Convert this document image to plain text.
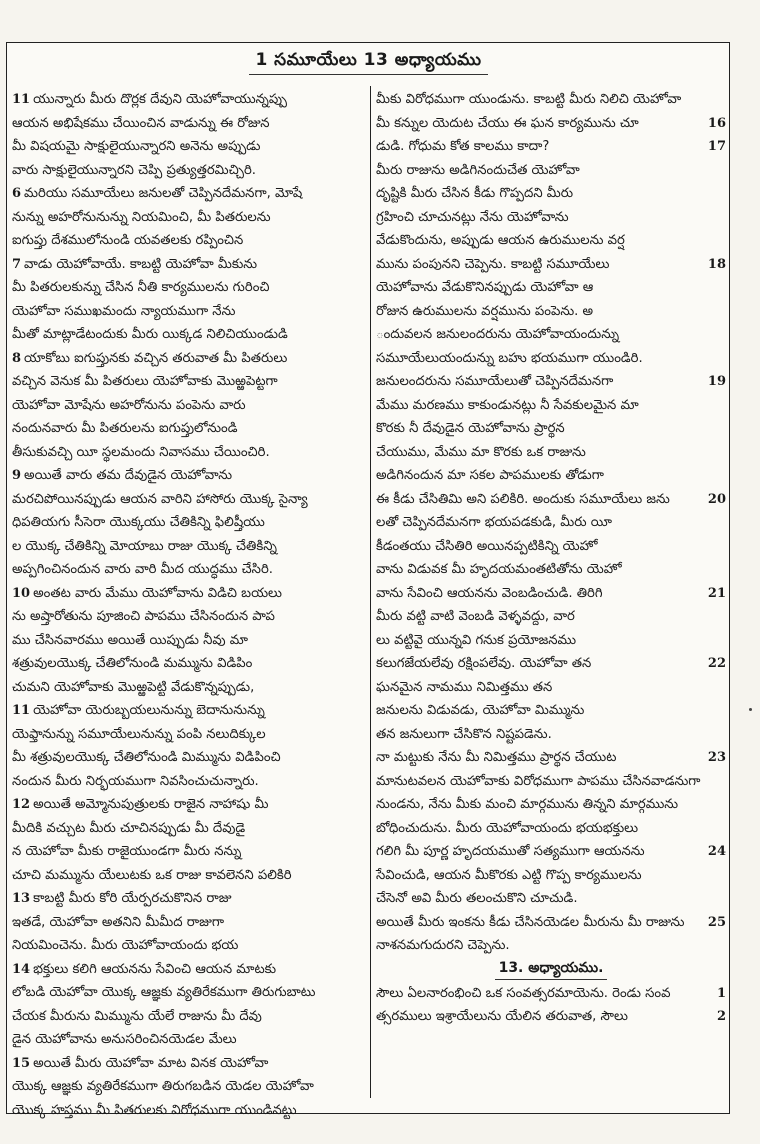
1 సమూయేలు 13 అధ్యాయము
11 యున్నారు మీరు దొర్లక దేవుని యెహోవాయున్నప్పు
ఆయన అభిషేకము చేయించిన వాడున్ను ఈ రోజున
మీ విషయమై సాక్షులైయున్నారని అనెను అప్పుడు
వారు సాక్షులైయున్నారని చెప్పి ప్రత్యుత్తరమిచ్చిరి.
6 మరియు సమూయేలు జనులతో చెప్పినదేమనగా, మోషే
నున్ను అహరోనునున్ను నియమించి, మీ పితరులను
ఐగుప్తు దేశములోనుండి యవతలకు రప్పించిన
7 వాడు యెహోవాయే. కాబట్టి యెహోవా మీకును
మీ పితరులకున్ను చేసిన నీతి కార్యములను గురించి
యెహోవా సముఖమందు న్యాయముగా నేను
మీతో మాట్లాడేటందుకు మీరు యిక్కడ నిలిచియుండుడి
8 యాకోబు ఐగుప్తునకు వచ్చిన తరువాత మీ పితరులు
వచ్చిన వెనుక మీ పితరులు యెహోవాకు మొఱ్ఱపెట్టగా
యెహోవా మోషేను అహరోనును పంపెను వారు
నందునవారు మీ పితరులను ఐగుప్తులోనుండి
తీసుకువచ్చి యీ స్థలమందు నివాసము చేయించిరి.
9 అయితే వారు తమ దేవుడైన యెహోవాను
మరచిపోయినప్పుడు ఆయన వారిని హాసోరు యొక్క సైన్యా
ధిపతియగు సీసెరా యొక్కయు చేతికిన్ని ఫిలిష్తీయు
ల యొక్క చేతికిన్ని మోయాబు రాజు యొక్క చేతికిన్ని
అప్పగించినందున వారు వారి మీద యుద్ధము చేసిరి.
10 అంతట వారు మేము యెహోవాను విడిచి బయలు
ను అష్తారోతును పూజించి పాపము చేసినందున పాప
ము చేసినవారము అయితే యిప్పుడు నీవు మా
శత్రువులయొక్క చేతిలోనుండి మమ్మును విడిపిం
చుమని యెహోవాకు మొఱ్ఱపెట్టి వేడుకొన్నప్పుడు,
11 యెహోవా యెరుబ్బయలునున్ను బెదానునున్ను
యెఫ్తానున్ను సమూయేలునున్ను పంపి నలుదిక్కుల
మీ శత్రువులయొక్క చేతిలోనుండి మిమ్మును విడిపించి
నందున మీరు నిర్భయముగా నివసించుచున్నారు.
12 అయితే అమ్మోనుపుత్రులకు రాజైన నాహాషు మీ
మీదికి వచ్చుట మీరు చూచినప్పుడు మీ దేవుడై
న యెహోవా మీకు రాజైయుండగా మీరు నన్ను
చూచి మమ్మును యేలుటకు ఒక రాజు కావలెనని పలికిరి
13 కాబట్టి మీరు కోరి యేర్పరచుకొనిన రాజు
ఇతడే, యెహోవా అతనిని మీమీద రాజుగా
నియమించెను. మీరు యెహోవాయందు భయ
14 భక్తులు కలిగి ఆయనను సేవించి ఆయన మాటకు
లోబడి యెహోవా యొక్క ఆజ్ఞకు వ్యతిరేకముగా తిరుగుబాటు
చేయక మీరును మిమ్మును యేలే రాజును మీ దేవు
డైన యెహోవాను అనుసరించినయెడల మేలు
15 అయితే మీరు యెహోవా మాట వినక యెహోవా
యొక్క ఆజ్ఞకు వ్యతిరేకముగా తిరుగబడిన యెడల యెహోవా
యొక్క హస్తము మీ పితరులకు విరోధముగా యుండినట్టు
మీకు విరోధముగా యుండును. కాబట్టి మీరు నిలిచి యెహోవా
మీ కన్నుల యెదుట చేయు ఈ ఘన కార్యమును చూ	16
డుడి. గోధుమ కోత కాలము కాదా?	17
మీరు రాజును అడిగినందుచేత యెహోవా
దృష్టికి మీరు చేసిన కీడు గొప్పదని మీరు
గ్రహించి చూచునట్లు నేను యెహోవాను
వేడుకొందును, అప్పుడు ఆయన ఉరుములను వర్ష
మును పంపునని చెప్పెను. కాబట్టి సమూయేలు	18
యెహోవాను వేడుకొనినప్పుడు యెహోవా ఆ
రోజున ఉరుములను వర్షమును పంపెను. అ
ందువలన జనులందరును యెహోవాయందున్ను
సమూయేలుయందున్ను బహు భయముగా యుండిరి.
జనులందరును సమూయేలుతో చెప్పినదేమనగా	19
మేము మరణము కాకుండునట్లు నీ సేవకులమైన మా
కొరకు నీ దేవుడైన యెహోవాను ప్రార్థన
చేయుము, మేము మా కొరకు ఒక రాజును
అడిగినందున మా సకల పాపములకు తోడుగా
ఈ కీడు చేసితిమి అని పలికిరి. అందుకు సమూయేలు జను	20
లతో చెప్పినదేమనగా భయపడకుడి, మీరు యీ
కీడంతయు చేసితిరి అయినప్పటికిన్ని యెహో
వాను విడువక మీ హృదయమంతటితోను యెహో
వాను సేవించి ఆయనను వెంబడించుడి. తిరిగి	21
మీరు వట్టి వాటి వెంబడి వెళ్ళవద్దు, వార
లు వట్టివై యున్నవి గనుక ప్రయోజనము
కలుగజేయలేవు రక్షింపలేవు. యెహోవా తన	22
ఘనమైన నామము నిమిత్తము తన
జనులను విడువడు, యెహోవా మిమ్మును
తన జనులుగా చేసికొన నిష్టపడెను.
నా మట్టుకు నేను మీ నిమిత్తము ప్రార్థన చేయుట	23
మానుటవలన యెహోవాకు విరోధముగా పాపము చేసినవాడనుగా
నుండను, నేను మీకు మంచి మార్గమును తిన్నని మార్గమును
బోధించుదును. మీరు యెహోవాయందు భయభక్తులు
గలిగి మీ పూర్ణ హృదయముతో సత్యముగా ఆయనను	24
సేవించుడి, ఆయన మీకొరకు ఎట్టి గొప్ప కార్యములను
చేసెనో అవి మీరు తలంచుకొని చూచుడి.
అయితే మీరు ఇంకను కీడు చేసినయెడల మీరును మీ రాజును	25
నాశనమగుదురని చెప్పెను.
13. అధ్యాయము.
సౌలు ఏలనారంభించి ఒక సంవత్సరమాయెను. రెండు సంవ	1
త్సరములు ఇశ్రాయేలును యేలిన తరువాత, సౌలు	2
